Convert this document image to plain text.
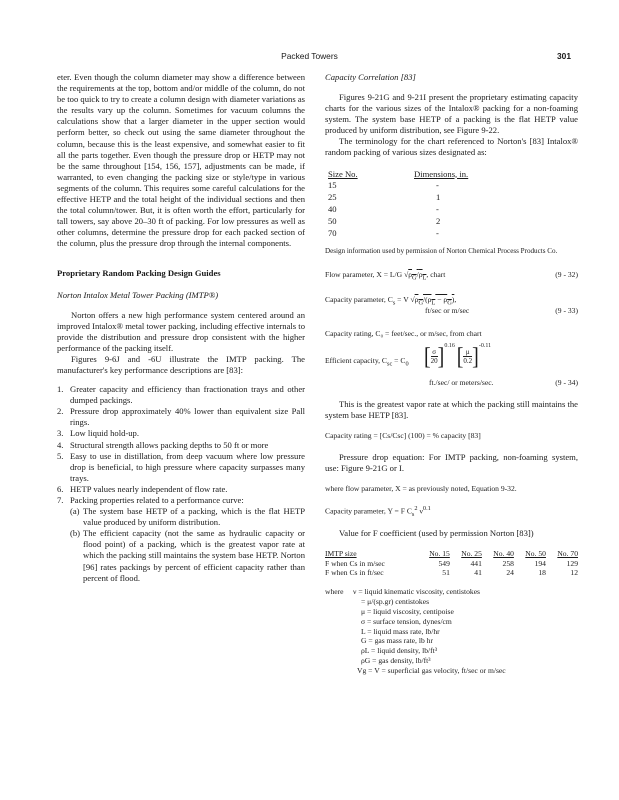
Packed Towers	301

eter. Even though the column diameter may show a difference between the requirements at the top, bottom and/or middle of the column, do not be too quick to try to create a column design with diameter variations as the results vary up the column. Sometimes for vacuum columns the calculations show that a larger diameter in the upper section would perform better, so check out using the same diameter throughout the column, because this is the least expensive, and somewhat easier to fit all the parts together. Even though the pressure drop or HETP may not be the same throughout [154, 156, 157], adjustments can be made, if warranted, to even changing the packing size or style/type in various segments of the column. This requires some careful calculations for the effective HETP and the total height of the individual sections and then the total column/tower. But, it is often worth the effort, particularly for tall towers, say above 20–30 ft of packing. For low pressures as well as other columns, determine the pressure drop for each packed section of the column, plus the pressure drop through the internal components.

Proprietary Random Packing Design Guides

Norton Intalox Metal Tower Packing (IMTP®)

Norton offers a new high performance system centered around an improved Intalox® metal tower packing, including effective internals to provide the distribution and pressure drop consistent with the higher performance of the packing itself.

Figures 9-6J and -6U illustrate the IMTP packing. The manufacturer's key performance descriptions are [83]:

1. Greater capacity and efficiency than fractionation trays and other dumped packings.
2. Pressure drop approximately 40% lower than equivalent size Pall rings.
3. Low liquid hold-up.
4. Structural strength allows packing depths to 50 ft or more
5. Easy to use in distillation, from deep vacuum where low pressure drop is beneficial, to high pressure where capacity surpasses many trays.
6. HETP values nearly independent of flow rate.
7. Packing properties related to a performance curve:
(a) The system base HETP of a packing, which is the flat HETP value produced by uniform distribution.
(b) The efficient capacity (not the same as hydraulic capacity or flood point) of a packing, which is the greatest vapor rate at which the packing still maintains the system base HETP. Norton [96] rates packings by percent of efficient capacity rather than percent of flood.

Capacity Correlation [83]

Figures 9-21G and 9-21I present the proprietary estimating capacity charts for the various sizes of the Intalox® packing for a non-foaming system. The system base HETP of a packing is the flat HETP value produced by uniform distribution, see Figure 9-22.

The terminology for the chart referenced to Norton's [83] Intalox® random packing of various sizes designated as:

Size No.	Dimensions, in.
15	-
25	1
40	-
50	2
70	-

Design information used by permission of Norton Chemical Process Products Co.

Flow parameter, X = L/G $√\rho_G/\rho_L$, chart	(9 - 32)
Capacity parameter, $C_s = V$ $√\rho_G/(\rho_L - \rho_G)$,
ft/sec or m/sec	(9 - 33)
Capacity rating, C₀ = feet/sec., or m/sec, from chart
Efficient capacity, $C_{sc} = C_0$ [ $\frac{\sigma}{20}]^{0.16}$ [ $\frac{\mu}{0.2}]^{-0.11}$
ft./sec/ or meters/sec.	(9 - 34)

This is the greatest vapor rate at which the packing still maintains the system base HETP [83].

Capacity rating = [Cs/Csc] (100) = % capacity [83]

Pressure drop equation: For IMTP packing, non-foaming system, use: Figure 9-21G or I.

where flow parameter, X = as previously noted, Equation 9-32.

Capacity parameter, Y = F $C_s^2$ $\nu^{0.1}$

Value for F coefficient (used by permission Norton [83])

IMTP size	No. 15	No. 25	No. 40	No. 50	No. 70
F when Cs in m/sec	549	441	258	194	129
F when Cs in ft/sec	51	41	24	18	12
where ν = liquid kinematic viscosity, centistokes
= μ/(sp.gr) centistokes
μ = liquid viscosity, centipoise
σ = surface tension, dynes/cm
L = liquid mass rate, lb/hr
G = gas mass rate, lb hr
ρL = liquid density, lb/ft³
ρG = gas density, lb/ft³
Vg = V = superficial gas velocity, ft/sec or m/sec
